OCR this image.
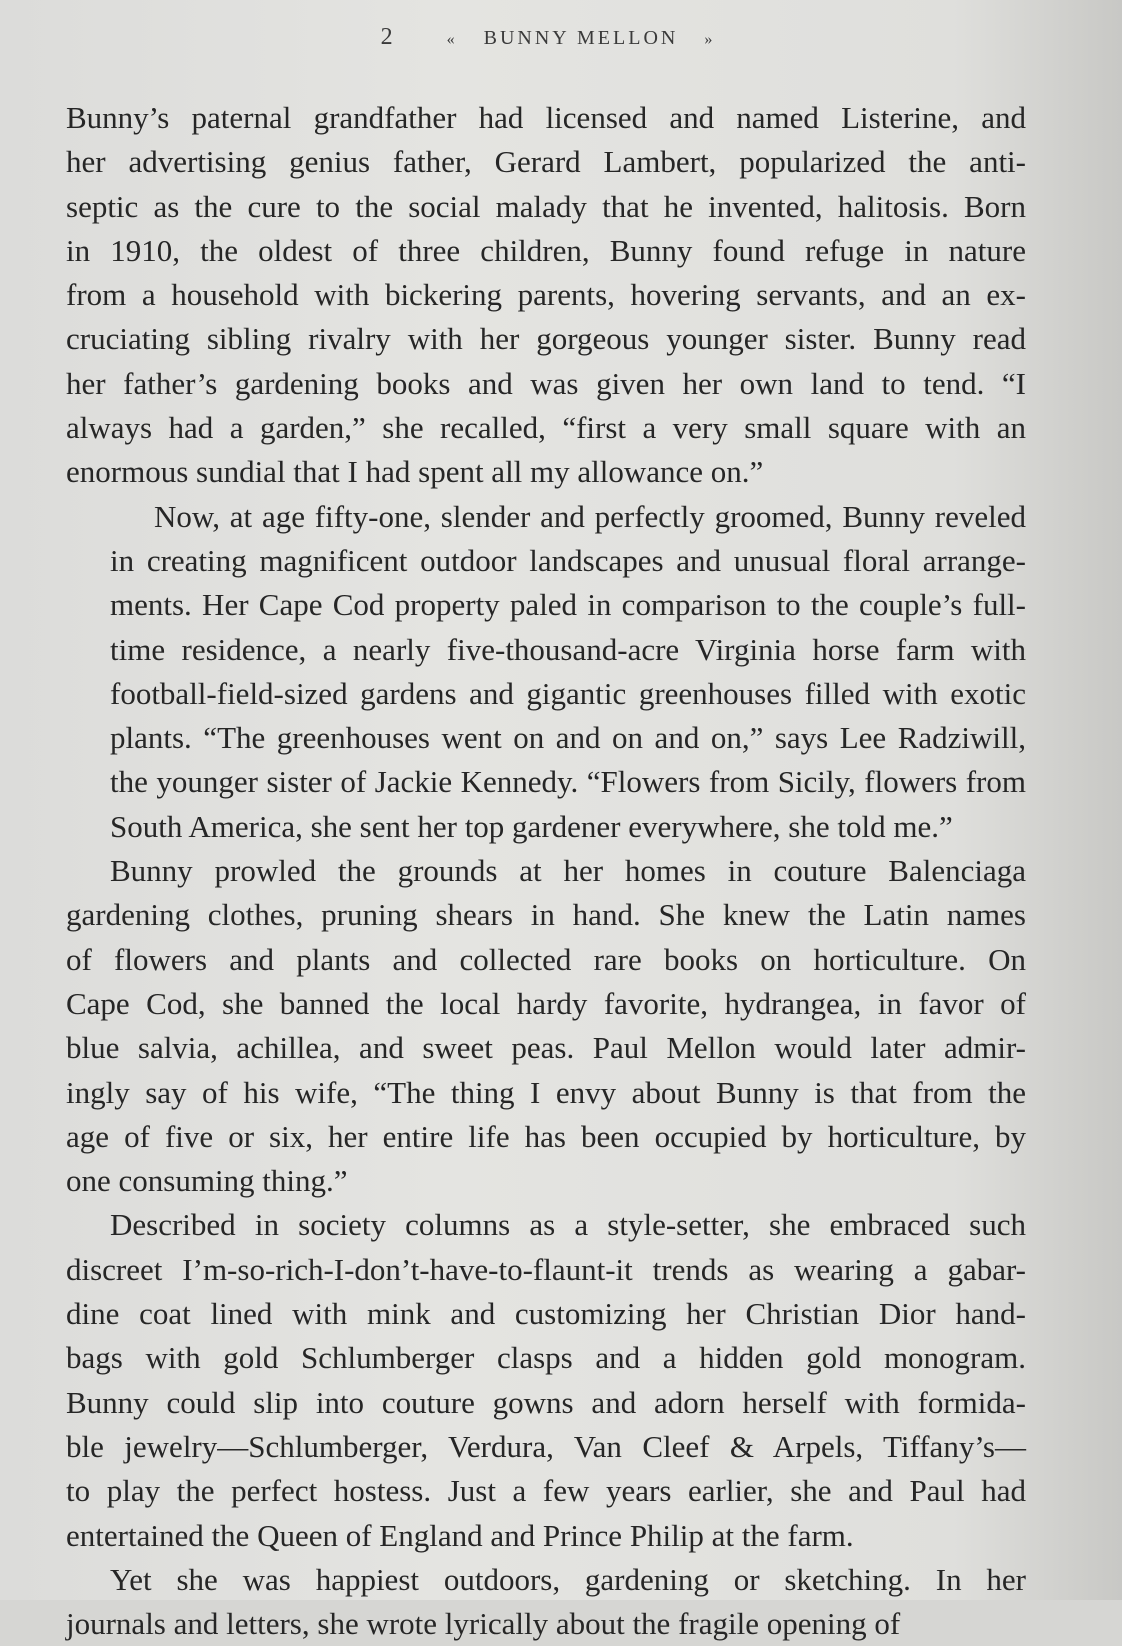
2	« BUNNY MELLON »

Bunny’s paternal grandfather had licensed and named Listerine, and
her advertising genius father, Gerard Lambert, popularized the anti-
septic as the cure to the social malady that he invented, halitosis. Born
in 1910, the oldest of three children, Bunny found refuge in nature
from a household with bickering parents, hovering servants, and an ex-
cruciating sibling rivalry with her gorgeous younger sister. Bunny read
her father’s gardening books and was given her own land to tend. “I
always had a garden,” she recalled, “first a very small square with an
enormous sundial that I had spent all my allowance on.”

Now, at age fifty-one, slender and perfectly groomed, Bunny reveled
in creating magnificent outdoor landscapes and unusual floral arrange-
ments. Her Cape Cod property paled in comparison to the couple’s full-
time residence, a nearly five-thousand-acre Virginia horse farm with
football-field-sized gardens and gigantic greenhouses filled with exotic
plants. “The greenhouses went on and on and on,” says Lee Radziwill,
the younger sister of Jackie Kennedy. “Flowers from Sicily, flowers from
South America, she sent her top gardener everywhere, she told me.”

Bunny prowled the grounds at her homes in couture Balenciaga
gardening clothes, pruning shears in hand. She knew the Latin names
of flowers and plants and collected rare books on horticulture. On
Cape Cod, she banned the local hardy favorite, hydrangea, in favor of
blue salvia, achillea, and sweet peas. Paul Mellon would later admir-
ingly say of his wife, “The thing I envy about Bunny is that from the
age of five or six, her entire life has been occupied by horticulture, by
one consuming thing.”

Described in society columns as a style-setter, she embraced such
discreet I’m-so-rich-I-don’t-have-to-flaunt-it trends as wearing a gabar-
dine coat lined with mink and customizing her Christian Dior hand-
bags with gold Schlumberger clasps and a hidden gold monogram.
Bunny could slip into couture gowns and adorn herself with formida-
ble jewelry—Schlumberger, Verdura, Van Cleef & Arpels, Tiffany’s—
to play the perfect hostess. Just a few years earlier, she and Paul had
entertained the Queen of England and Prince Philip at the farm.

Yet she was happiest outdoors, gardening or sketching. In her
journals and letters, she wrote lyrically about the fragile opening of
